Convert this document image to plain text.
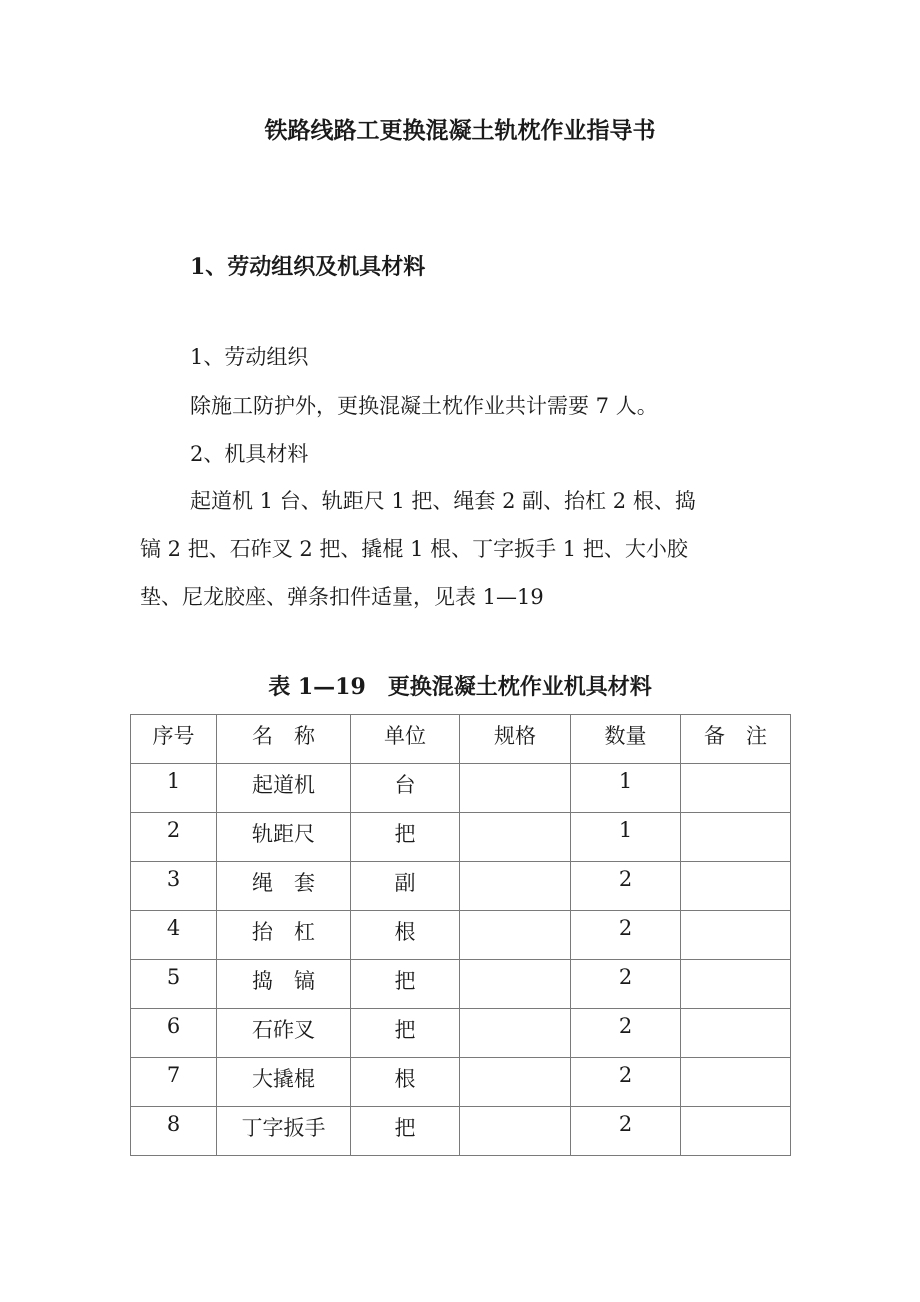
铁路线路工更换混凝土轨枕作业指导书
1、劳动组织及机具材料
1、劳动组织
除施工防护外，更换混凝土枕作业共计需要 7 人。
2、机具材料
起道机 1 台、轨距尺 1 把、绳套 2 副、抬杠 2 根、捣
镐 2 把、石砟叉 2 把、撬棍 1 根、丁字扳手 1 把、大小胶
垫、尼龙胶座、弹条扣件适量，见表 1—19
表 1—19　更换混凝土枕作业机具材料
序号	名　称	单位	规格	数量	备　注
1	起道机	台		1	
2	轨距尺	把		1	
3	绳　套	副		2	
4	抬　杠	根		2	
5	捣　镐	把		2	
6	石砟叉	把		2	
7	大撬棍	根		2	
8	丁字扳手	把		2	
